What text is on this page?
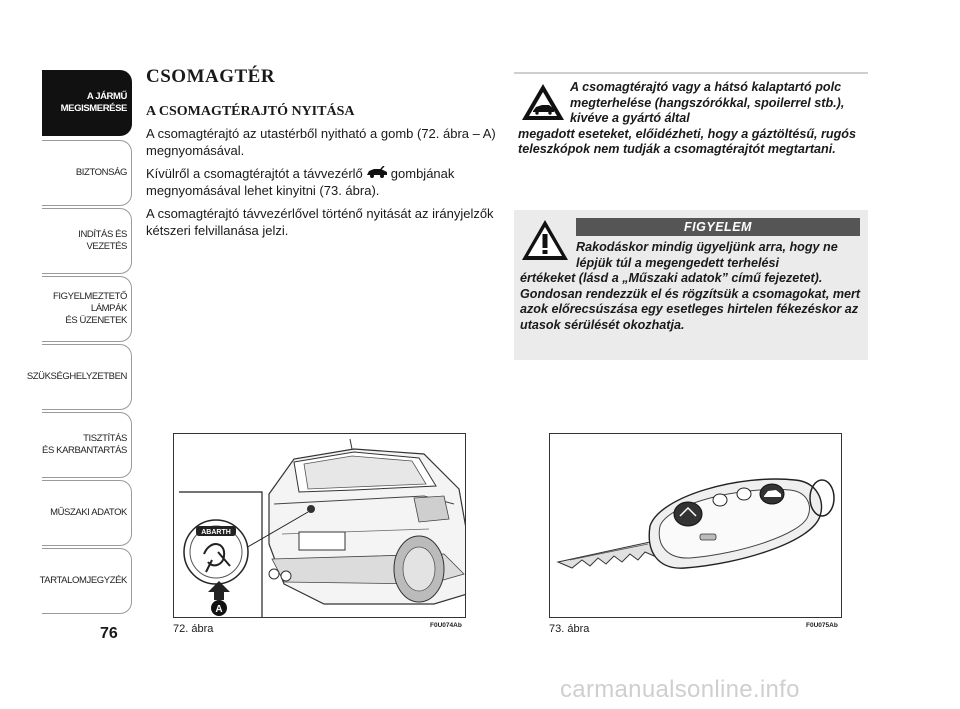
A JÁRMŰ
MEGISMERÉSE
BIZTONSÁG
INDÍTÁS ÉS VEZETÉS
FIGYELMEZTETŐ
LÁMPÁK
ÉS ÜZENETEK
SZÜKSÉGHELYZETBEN
TISZTÍTÁS
ÉS KARBANTARTÁS
MŰSZAKI ADATOK
TARTALOMJEGYZÉK
76
CSOMAGTÉR
A CSOMAGTÉRAJTÓ NYITÁSA

A csomagtérajtó az utastérből nyitható a gomb (72. ábra – A) megnyomásával.

Kívülről a csomagtérajtót a távvezérlő gombjának megnyomásával lehet kinyitni (73. ábra).

A csomagtérajtó távvezérlővel történő nyitását az irányjelzők kétszeri felvillanása jelzi.

A csomagtérajtó vagy a hátsó kalaptartó polc megterhelése (hangszórókkal, spoilerrel stb.), kivéve a gyártó által
megadott eseteket, előidézheti, hogy a gáztöltésű, rugós teleszkópok nem tudják a csomagtérajtót megtartani.
FIGYELEM
Rakodáskor mindig ügyeljünk arra, hogy ne lépjük túl a megengedett terhelési
értékeket (lásd a „Műszaki adatok” című fejezetet). Gondosan rendezzük el és rögzítsük a csomagokat, mert azok előrecsúszása egy esetleges hirtelen fékezéskor az utasok sérülését okozhatja.
ABARTH
A
72. ábra	F0U074Ab	73. ábra	F0U075Ab
carmanualsonline.info
